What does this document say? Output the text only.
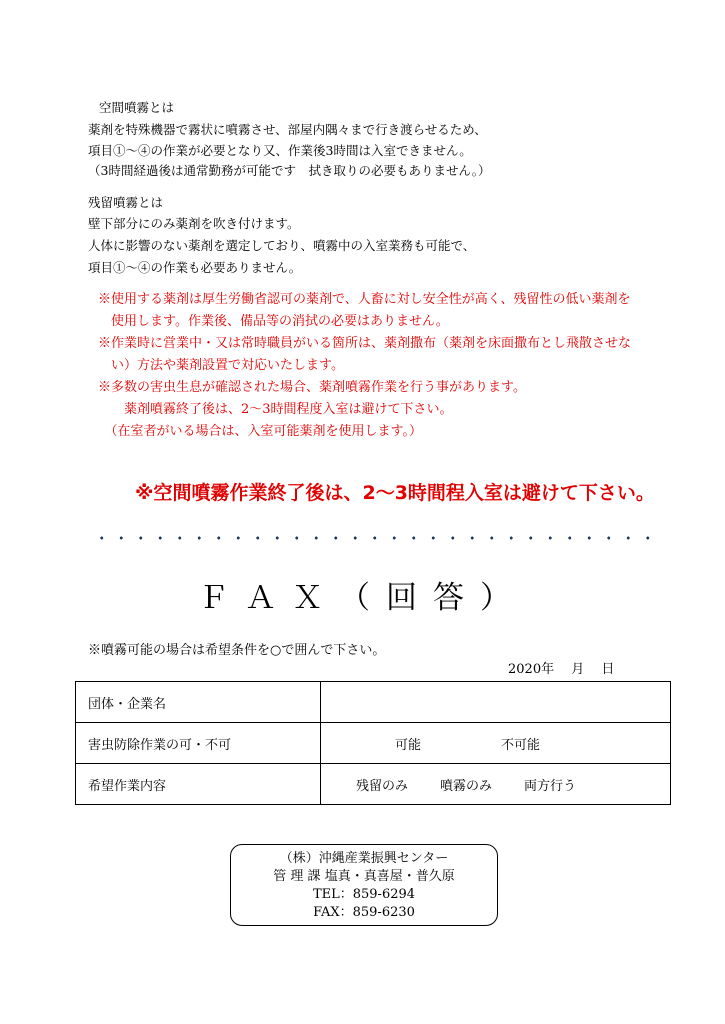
空間噴霧とは
薬剤を特殊機器で霧状に噴霧させ、部屋内隅々まで行き渡らせるため、
項目①～④の作業が必要となり又、作業後3時間は入室できません。
（3時間経過後は通常勤務が可能です　拭き取りの必要もありません。）
残留噴霧とは
壁下部分にのみ薬剤を吹き付けます。
人体に影響のない薬剤を選定しており、噴霧中の入室業務も可能で、
項目①～④の作業も必要ありません。
※使用する薬剤は厚生労働省認可の薬剤で、人畜に対し安全性が高く、残留性の低い薬剤を
　使用します。作業後、備品等の消拭の必要はありません。
※作業時に営業中・又は常時職員がいる箇所は、薬剤撒布（薬剤を床面撒布とし飛散させな
　い）方法や薬剤設置で対応いたします。
※多数の害虫生息が確認された場合、薬剤噴霧作業を行う事があります。
　　薬剤噴霧終了後は、2～3時間程度入室は避けて下さい。
　（在室者がいる場合は、入室可能薬剤を使用します。）
※空間噴霧作業終了後は、2～3時間程入室は避けて下さい。
ＦＡＸ（回答）
※噴霧可能の場合は希望条件を○で囲んで下さい。
2020年　 月　 日
団体・企業名	
害虫防除作業の可・不可	可能 不可能

希望作業内容	残留のみ 噴霧のみ 両方行う
（株）沖縄産業振興センター
管 理 課 塩真・真喜屋・普久原
TEL：859‐6294
FAX：859‐6230
